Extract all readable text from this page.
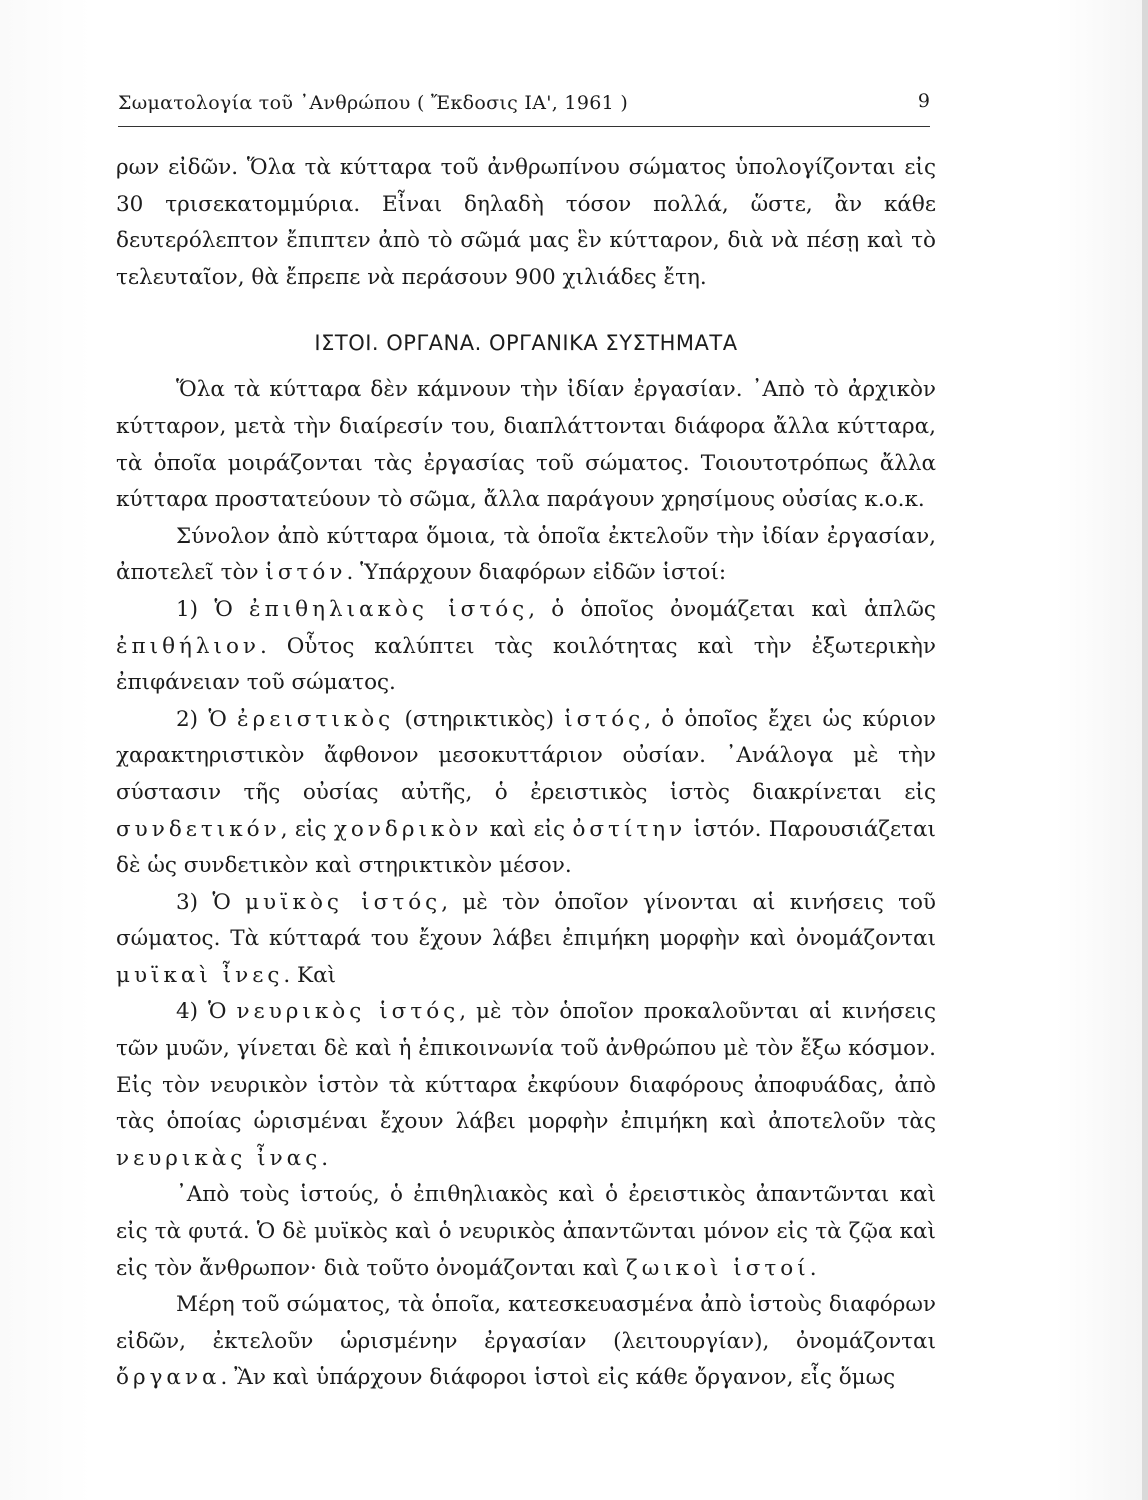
Σωματολογία τοῦ ᾿Ανθρώπου ( Ἔκδοσις ΙΑ', 1961 )	9

ρων εἰδῶν. Ὅλα τὰ κύτταρα τοῦ ἀνθρωπίνου σώματος ὑπολογίζονται εἰς 30 τρισεκατομμύρια. Εἶναι δηλαδὴ τόσον πολλά, ὥστε, ἂν κάθε δευτερόλεπτον ἔπιπτεν ἀπὸ τὸ σῶμά μας ἓν κύτταρον, διὰ νὰ πέσῃ καὶ τὸ τελευταῖον, θὰ ἔπρεπε νὰ περάσουν 900 χιλιάδες ἔτη.

ΙΣΤΟΙ. ΟΡΓΑΝΑ. ΟΡΓΑΝΙΚΑ ΣΥΣΤΗΜΑΤΑ

Ὅλα τὰ κύτταρα δὲν κάμνουν τὴν ἰδίαν ἐργασίαν. ᾿Απὸ τὸ ἀρχικὸν κύτταρον, μετὰ τὴν διαίρεσίν του, διαπλάττονται διάφορα ἄλλα κύτταρα, τὰ ὁποῖα μοιράζονται τὰς ἐργασίας τοῦ σώματος. Τοιουτοτρόπως ἄλλα κύτταρα προστατεύουν τὸ σῶμα, ἄλλα παράγουν χρησίμους οὐσίας κ.ο.κ.

Σύνολον ἀπὸ κύτταρα ὅμοια, τὰ ὁποῖα ἐκτελοῦν τὴν ἰδίαν ἐργασίαν, ἀποτελεῖ τὸν ἱστόν. Ὑπάρχουν διαφόρων εἰδῶν ἱστοί:

1) Ὁ ἐπιθηλιακὸς ἱστός, ὁ ὁποῖος ὀνομάζεται καὶ ἁπλῶς ἐπιθήλιον. Οὗτος καλύπτει τὰς κοιλότητας καὶ τὴν ἐξωτερικὴν ἐπιφάνειαν τοῦ σώματος.

2) Ὁ ἐρειστικὸς (στηρικτικὸς) ἱστός, ὁ ὁποῖος ἔχει ὡς κύριον χαρακτηριστικὸν ἄφθονον μεσοκυττάριον οὐσίαν. ᾿Ανάλογα μὲ τὴν σύστασιν τῆς οὐσίας αὐτῆς, ὁ ἐρειστικὸς ἱστὸς διακρίνεται εἰς συνδετικόν, εἰς χονδρικὸν καὶ εἰς ὀστίτην ἱστόν. Παρουσιάζεται δὲ ὡς συνδετικὸν καὶ στηρικτικὸν μέσον.

3) Ὁ μυϊκὸς ἱστός, μὲ τὸν ὁποῖον γίνονται αἱ κινήσεις τοῦ σώματος. Τὰ κύτταρά του ἔχουν λάβει ἐπιμήκη μορφὴν καὶ ὀνομάζονται μυϊκαὶ ἶνες. Καὶ

4) Ὁ νευρικὸς ἱστός, μὲ τὸν ὁποῖον προκαλοῦνται αἱ κινήσεις τῶν μυῶν, γίνεται δὲ καὶ ἡ ἐπικοινωνία τοῦ ἀνθρώπου μὲ τὸν ἔξω κόσμον. Εἰς τὸν νευρικὸν ἱστὸν τὰ κύτταρα ἐκφύουν διαφόρους ἀποφυάδας, ἀπὸ τὰς ὁποίας ὡρισμέναι ἔχουν λάβει μορφὴν ἐπιμήκη καὶ ἀποτελοῦν τὰς νευρικὰς ἶνας.

᾿Απὸ τοὺς ἱστούς, ὁ ἐπιθηλιακὸς καὶ ὁ ἐρειστικὸς ἀπαντῶνται καὶ εἰς τὰ φυτά. Ὁ δὲ μυϊκὸς καὶ ὁ νευρικὸς ἀπαντῶνται μόνον εἰς τὰ ζῷα καὶ εἰς τὸν ἄνθρωπον· διὰ τοῦτο ὀνομάζονται καὶ ζωικοὶ ἱστοί.

Μέρη τοῦ σώματος, τὰ ὁποῖα, κατεσκευασμένα ἀπὸ ἱστοὺς διαφόρων εἰδῶν, ἐκτελοῦν ὡρισμένην ἐργασίαν (λειτουργίαν), ὀνομάζονται ὄργανα. Ἂν καὶ ὑπάρχουν διάφοροι ἱστοὶ εἰς κάθε ὄργανον, εἷς ὅμως
